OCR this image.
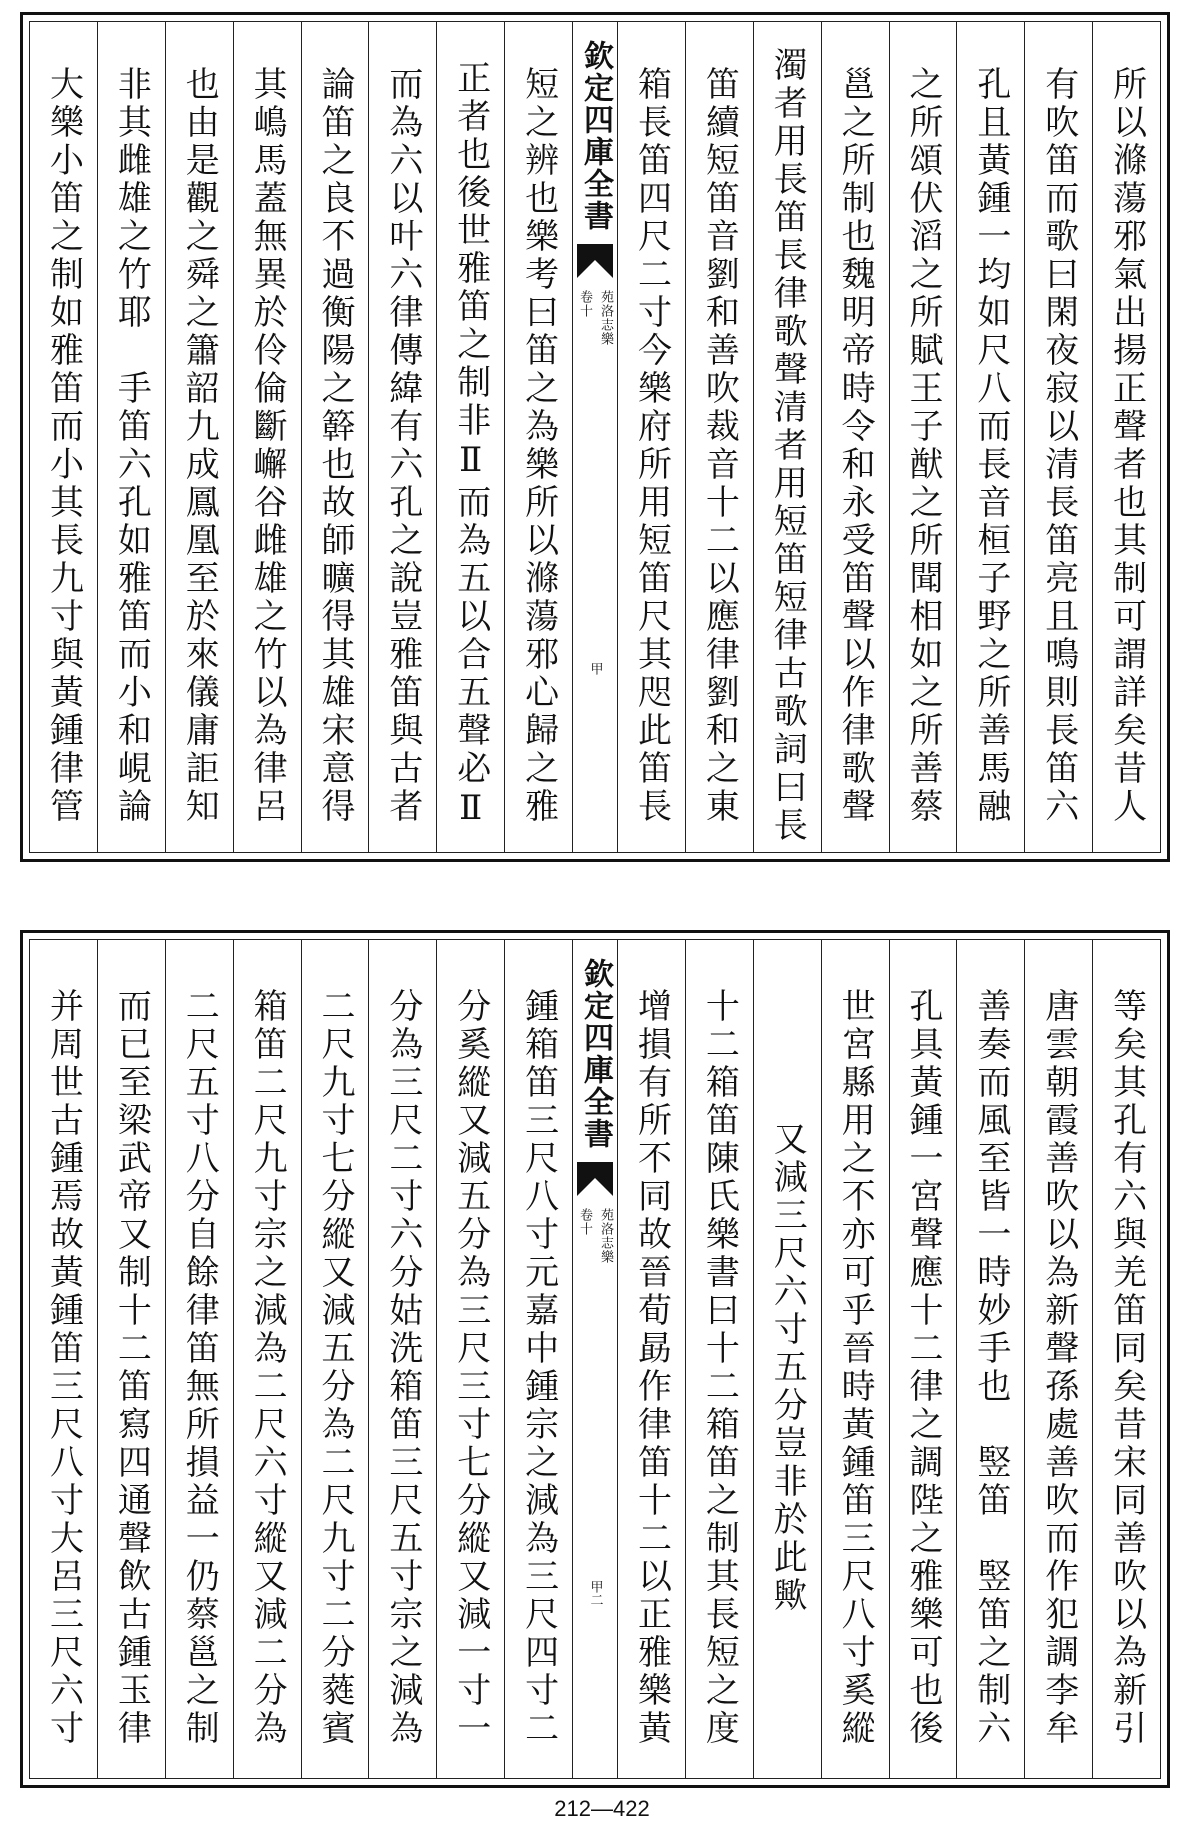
所以滌蕩邪氣出揚正聲者也其制可謂詳矣昔人
有吹笛而歌曰閑夜寂以清長笛亮且鳴則長笛六
孔且黃鍾一均如尺八而長音桓子野之所善馬融
之所頌伏滔之所賦王子猷之所聞相如之所善蔡
邕之所制也魏明帝時令和永受笛聲以作律歌聲
濁者用長笛長律歌聲清者用短笛短律古歌詞曰長
笛續短笛音劉和善吹裁音十二以應律劉和之東
箱長笛四尺二寸今樂府所用短笛尺其咫此笛長
欽定四庫全書
苑洛志樂
卷十
甲
短之辨也樂考曰笛之為樂所以滌蕩邪心歸之雅
正者也後世雅笛之制非Ⅱ而為五以合五聲必Ⅱ
而為六以叶六律傳緯有六孔之說豈雅笛與古者
論笛之良不過衡陽之簳也故師曠得其雄宋意得
其嶋馬蓋無異於伶倫斷嶰谷雌雄之竹以為律呂
也由是觀之舜之簫韶九成鳳凰至於來儀庸詎知
非其雌雄之竹耶　手笛六孔如雅笛而小和峴論
大樂小笛之制如雅笛而小其長九寸與黃鍾律管
等矣其孔有六與羌笛同矣昔宋同善吹以為新引
唐雲朝霞善吹以為新聲孫處善吹而作犯調李牟
善奏而風至皆一時妙手也　竪笛　竪笛之制六
孔具黃鍾一宮聲應十二律之調陛之雅樂可也後
世宮縣用之不亦可乎晉時黃鍾笛三尺八寸奚縱
又減三尺六寸五分豈非於此歟
十二箱笛陳氏樂書曰十二箱笛之制其長短之度
增損有所不同故晉荀勗作律笛十二以正雅樂黃
欽定四庫全書
苑洛志樂
卷十
甲二
鍾箱笛三尺八寸元嘉中鍾宗之減為三尺四寸二
分奚縱又減五分為三尺三寸七分縱又減一寸一
分為三尺二寸六分姑洗箱笛三尺五寸宗之減為
二尺九寸七分縱又減五分為二尺九寸二分蕤賓
箱笛二尺九寸宗之減為二尺六寸縱又減二分為
二尺五寸八分自餘律笛無所損益一仍蔡邕之制
而已至梁武帝又制十二笛寫四通聲飲古鍾玉律
并周世古鍾焉故黃鍾笛三尺八寸大呂三尺六寸
212—422
